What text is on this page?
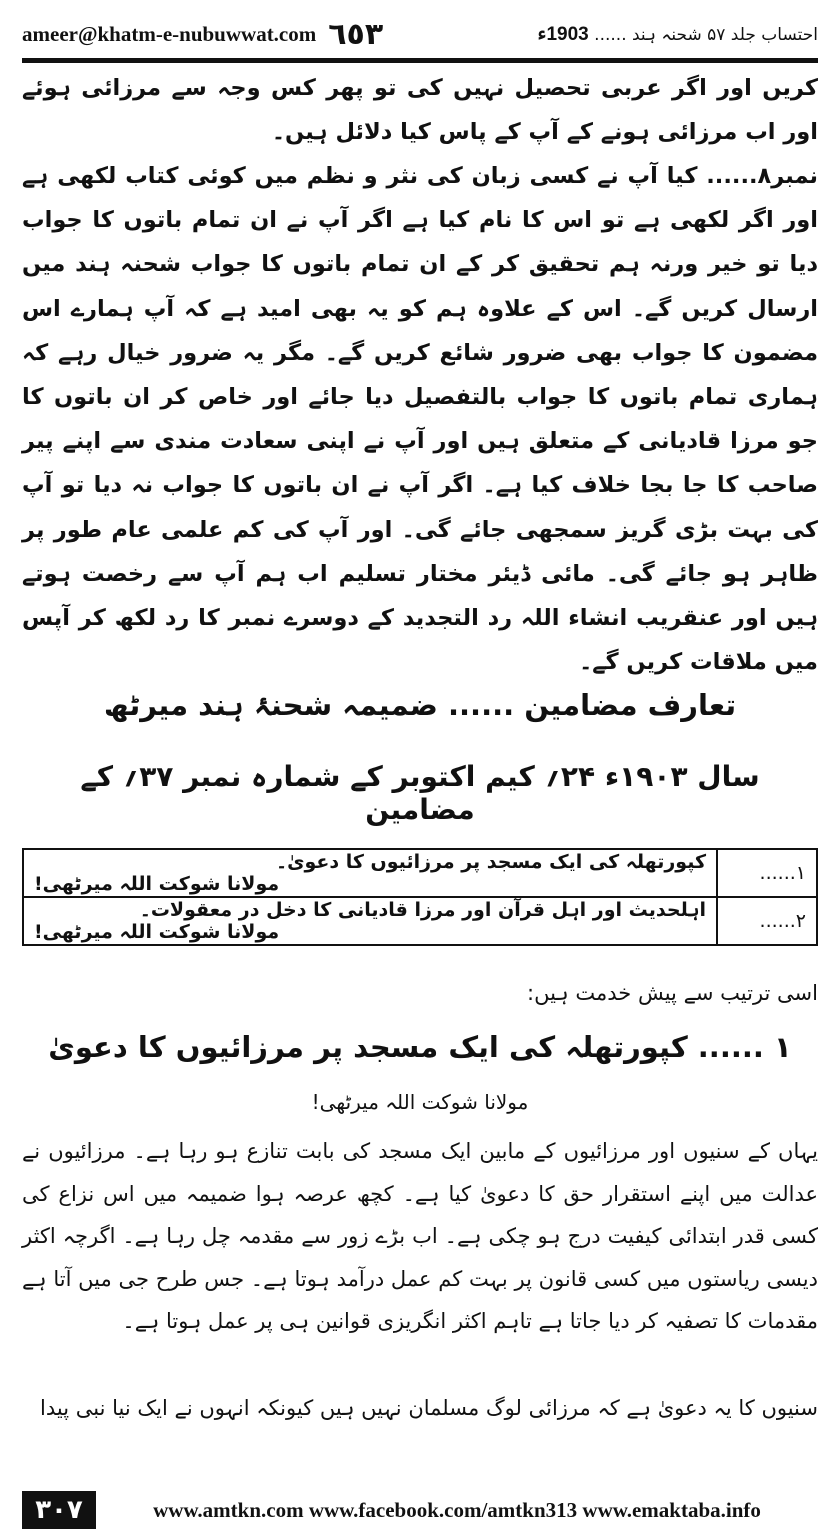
ameer@khatm-e-nubuwwat.com ٦٥٣	احتساب جلد ۵۷ شحنہ ہند ...... 1903ء
کریں اور اگر عربی تحصیل نہیں کی تو پھر کس وجہ سے مرزائی ہوئے اور اب مرزائی ہونے کے آپ کے پاس کیا دلائل ہیں۔
نمبر۸...... کیا آپ نے کسی زبان کی نثر و نظم میں کوئی کتاب لکھی ہے اور اگر لکھی ہے تو اس کا نام کیا ہے اگر آپ نے ان تمام باتوں کا جواب دیا تو خیر ورنہ ہم تحقیق کر کے ان تمام باتوں کا جواب شحنہ ہند میں ارسال کریں گے۔ اس کے علاوہ ہم کو یہ بھی امید ہے کہ آپ ہمارے اس مضمون کا جواب بھی ضرور شائع کریں گے۔ مگر یہ ضرور خیال رہے کہ ہماری تمام باتوں کا جواب بالتفصیل دیا جائے اور خاص کر ان باتوں کا جو مرزا قادیانی کے متعلق ہیں اور آپ نے اپنی سعادت مندی سے اپنے پیر صاحب کا جا بجا خلاف کیا ہے۔ اگر آپ نے ان باتوں کا جواب نہ دیا تو آپ کی بہت بڑی گریز سمجھی جائے گی۔ اور آپ کی کم علمی عام طور پر ظاہر ہو جائے گی۔ مائی ڈیئر مختار تسلیم اب ہم آپ سے رخصت ہوتے ہیں اور عنقریب انشاء اللہ رد التجدید کے دوسرے نمبر کا رد لکھ کر آپس میں ملاقات کریں گے۔
تعارف مضامین ...... ضمیمہ شحنۂ ہند میرٹھ
سال ۱۹۰۳ء ۲۴؍ کیم اکتوبر کے شمارہ نمبر ۳۷؍ کے مضامین
۱......	کپورتھلہ کی ایک مسجد پر مرزائیوں کا دعویٰ۔
مولانا شوکت اللہ میرٹھی!

۲......	اہلحدیث اور اہل قرآن اور مرزا قادیانی کا دخل در معقولات۔
مولانا شوکت اللہ میرٹھی!
اسی ترتیب سے پیش خدمت ہیں:
۱ ...... کپورتھلہ کی ایک مسجد پر مرزائیوں کا دعویٰ
مولانا شوکت اللہ میرٹھی!
یہاں کے سنیوں اور مرزائیوں کے مابین ایک مسجد کی بابت تنازع ہو رہا ہے۔ مرزائیوں نے عدالت میں اپنے استقرار حق کا دعویٰ کیا ہے۔ کچھ عرصہ ہوا ضمیمہ میں اس نزاع کی کسی قدر ابتدائی کیفیت درج ہو چکی ہے۔ اب بڑے زور سے مقدمہ چل رہا ہے۔ اگرچہ اکثر دیسی ریاستوں میں کسی قانون پر بہت کم عمل درآمد ہوتا ہے۔ جس طرح جی میں آتا ہے مقدمات کا تصفیہ کر دیا جاتا ہے تاہم اکثر انگریزی قوانین ہی پر عمل ہوتا ہے۔
سنیوں کا یہ دعویٰ ہے کہ مرزائی لوگ مسلمان نہیں ہیں کیونکہ انہوں نے ایک نیا نبی پیدا
۳۰۷	www.amtkn.com www.facebook.com/amtkn313 www.emaktaba.info
